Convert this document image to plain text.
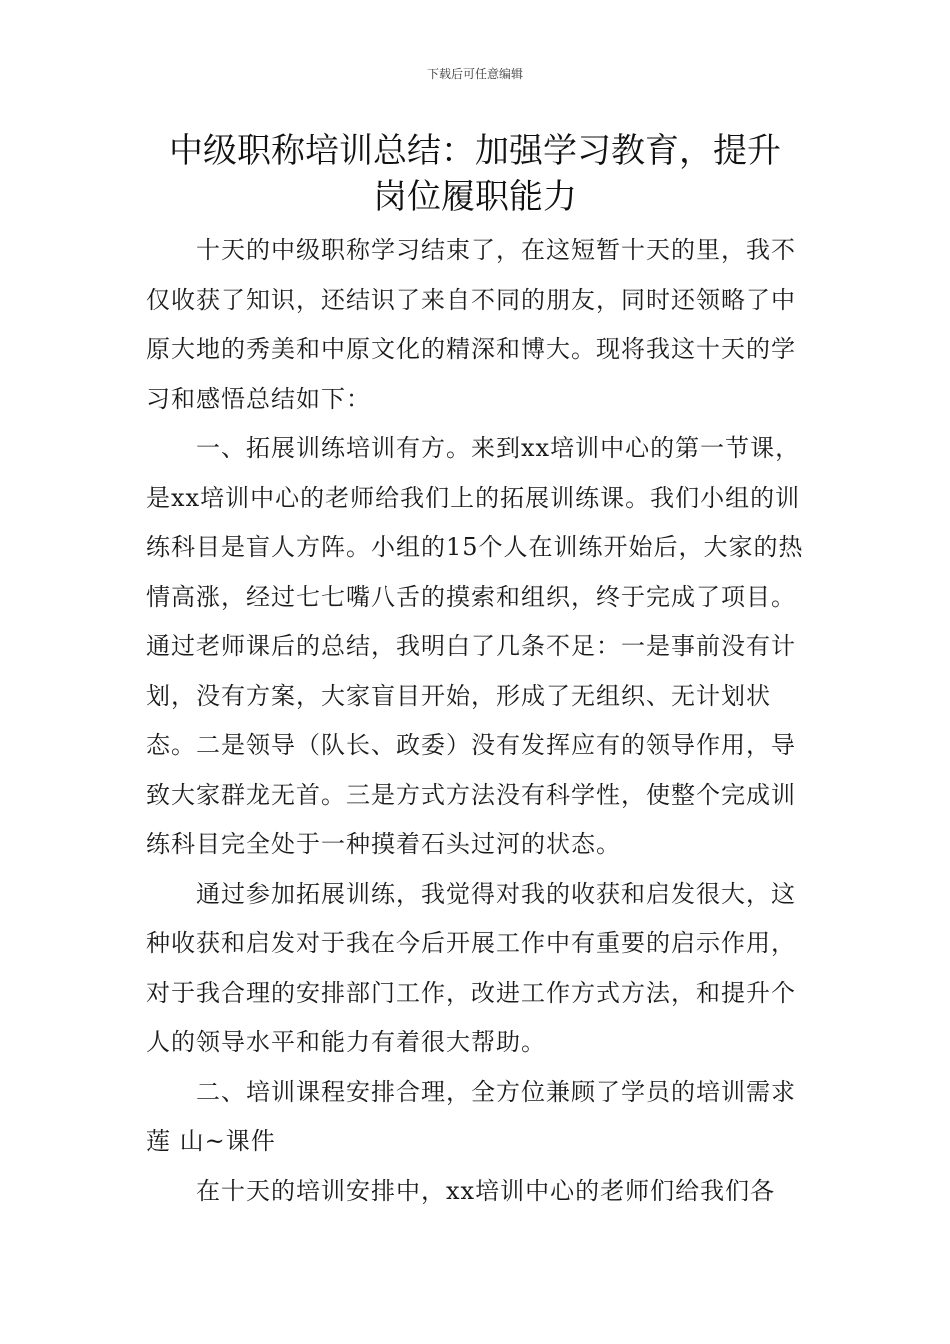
下载后可任意编辑
中级职称培训总结：加强学习教育，提升
岗位履职能力

十天的中级职称学习结束了，在这短暂十天的里，我不仅收获了知识，还结识了来自不同的朋友，同时还领略了中原大地的秀美和中原文化的精深和博大。现将我这十天的学习和感悟总结如下：

一、拓展训练培训有方。来到xx培训中心的第一节课，是xx培训中心的老师给我们上的拓展训练课。我们小组的训练科目是盲人方阵。小组的15个人在训练开始后，大家的热情高涨，经过七七嘴八舌的摸索和组织，终于完成了项目。通过老师课后的总结，我明白了几条不足：一是事前没有计划，没有方案，大家盲目开始，形成了无组织、无计划状态。二是领导（队长、政委）没有发挥应有的领导作用，导致大家群龙无首。三是方式方法没有科学性，使整个完成训练科目完全处于一种摸着石头过河的状态。

通过参加拓展训练，我觉得对我的收获和启发很大，这种收获和启发对于我在今后开展工作中有重要的启示作用，对于我合理的安排部门工作，改进工作方式方法，和提升个人的领导水平和能力有着很大帮助。

二、培训课程安排合理，全方位兼顾了学员的培训需求莲 山~课件

在十天的培训安排中，xx培训中心的老师们给我们各
